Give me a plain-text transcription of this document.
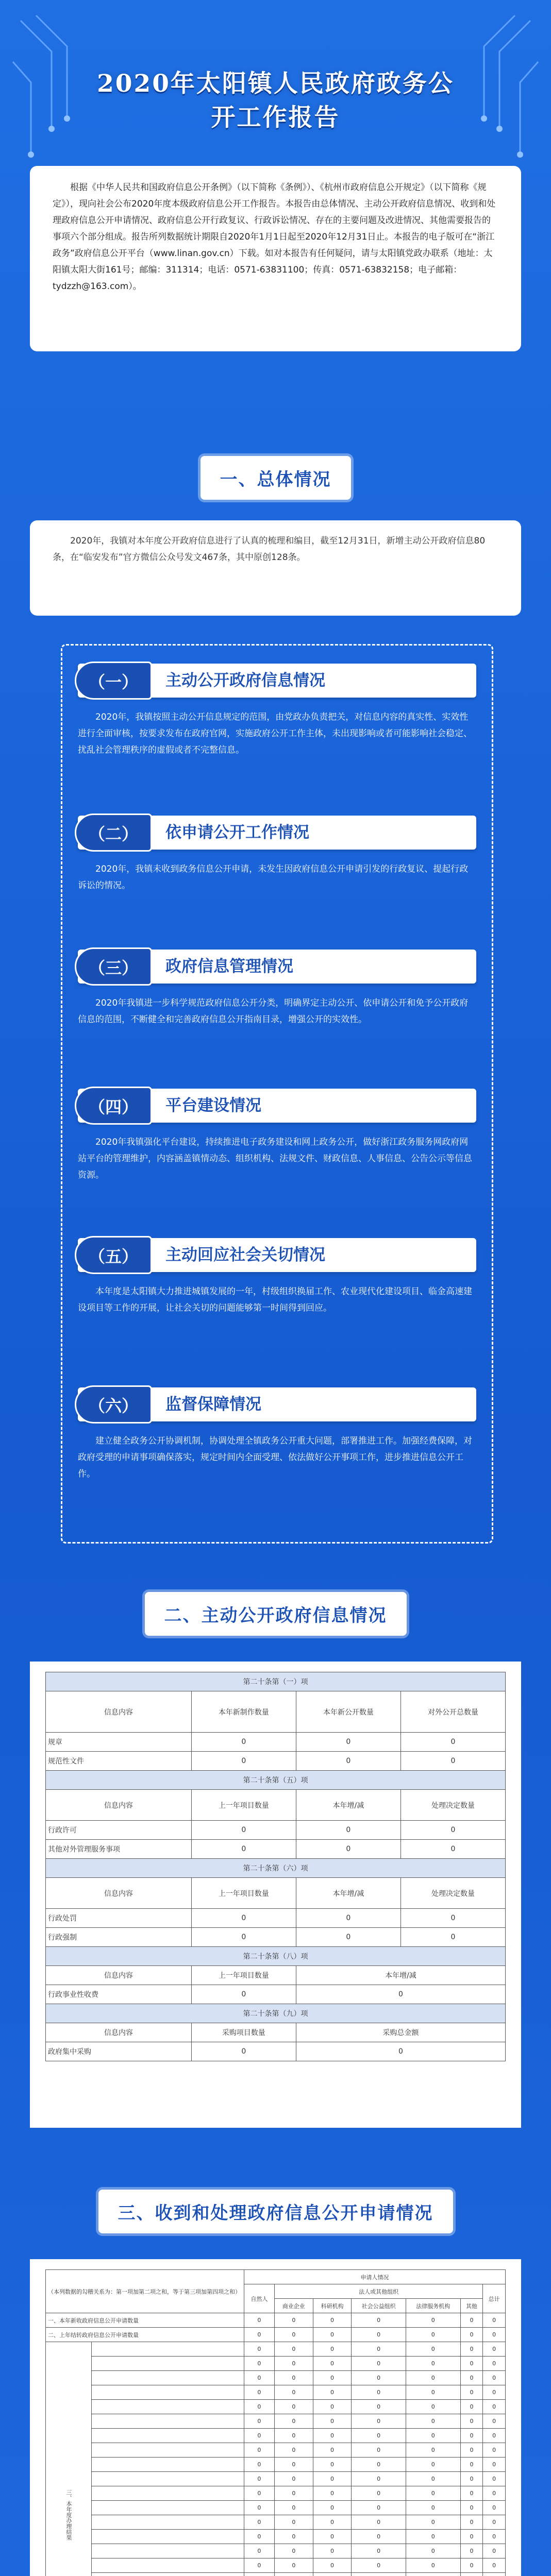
2020年太阳镇人民政府政务公开工作报告
根据《中华人民共和国政府信息公开条例》（以下简称《条例》）、《杭州市政府信息公开规定》（以下简称《规定》），现向社会公布2020年度本级政府信息公开工作报告。本报告由总体情况、主动公开政府信息情况、收到和处理政府信息公开申请情况、政府信息公开行政复议、行政诉讼情况、存在的主要问题及改进情况、其他需要报告的事项六个部分组成。报告所列数据统计期限自2020年1月1日起至2020年12月31日止。本报告的电子版可在“浙江政务”政府信息公开平台（www.linan.gov.cn）下载。如对本报告有任何疑问，请与太阳镇党政办联系（地址：太阳镇太阳大街161号；邮编：311314；电话：0571-63831100；传真：0571-63832158；电子邮箱：tydzzh@163.com）。
一、总体情况
2020年，我镇对本年度公开政府信息进行了认真的梳理和编目，截至12月31日，新增主动公开政府信息80条，在“临安发布”官方微信公众号发文467条，其中原创128条。
（一）	主动公开政府信息情况
2020年，我镇按照主动公开信息规定的范围，由党政办负责把关，对信息内容的真实性、实效性进行全面审核，按要求发布在政府官网，实施政府公开工作主体，未出现影响或者可能影响社会稳定、扰乱社会管理秩序的虚假或者不完整信息。
（二）	依申请公开工作情况
2020年，我镇未收到政务信息公开申请，未发生因政府信息公开申请引发的行政复议、提起行政诉讼的情况。
（三）	政府信息管理情况
2020年我镇进一步科学规范政府信息公开分类，明确界定主动公开、依申请公开和免予公开政府信息的范围，不断健全和完善政府信息公开指南目录，增强公开的实效性。
（四）	平台建设情况
2020年我镇强化平台建设，持续推进电子政务建设和网上政务公开，做好浙江政务服务网政府网站平台的管理维护，内容涵盖镇情动态、组织机构、法规文件、财政信息、人事信息、公告公示等信息资源。
（五）	主动回应社会关切情况
本年度是太阳镇大力推进城镇发展的一年，村级组织换届工作、农业现代化建设项目、临金高速建设项目等工作的开展，让社会关切的问题能够第一时间得到回应。
（六）	监督保障情况
建立健全政务公开协调机制，协调处理全镇政务公开重大问题，部署推进工作。加强经费保障，对政府受理的申请事项确保落实，规定时间内全面受理、依法做好公开事项工作，进步推进信息公开工作。
二、主动公开政府信息情况
第二十条第（一）项			
信息内容	本年新制作数量	本年新公开数量	对外公开总数量
规章	0	0	0
规范性文件	0	0	0
第二十条第（五）项			
信息内容	上一年项目数量	本年增/减	处理决定数量
行政许可	0	0	0
其他对外管理服务事项	0	0	0
第二十条第（六）项			
信息内容	上一年项目数量	本年增/减	处理决定数量
行政处罚	0	0	0
行政强制	0	0	0
第二十条第（八）项			
信息内容	上一年项目数量	本年增/减	
行政事业性收费	0	0	
第二十条第（九）项			
信息内容	采购项目数量	采购总金额	
政府集中采购	0	0	
三、收到和处理政府信息公开申请情况
（本列数据的勾稽关系为：第一项加第二项之和，等于第三项加第四项之和）		申请人情况						
		自然人	法人或其他组织					总计
			商业企业	科研机构	社会公益组织	法律服务机构	其他	
一、本年新收政府信息公开申请数量		0	0	0	0	0	0	0
二、上年结转政府信息公开申请数量		0	0	0	0	0	0	0
三、本年度办理结果		0	0	0	0	0	0	0
		0	0	0	0	0	0	0
		0	0	0	0	0	0	0
		0	0	0	0	0	0	0
		0	0	0	0	0	0	0
		0	0	0	0	0	0	0
		0	0	0	0	0	0	0
		0	0	0	0	0	0	0
		0	0	0	0	0	0	0
		0	0	0	0	0	0	0
		0	0	0	0	0	0	0
		0	0	0	0	0	0	0
		0	0	0	0	0	0	0
		0	0	0	0	0	0	0
		0	0	0	0	0	0	0
		0	0	0	0	0	0	0
